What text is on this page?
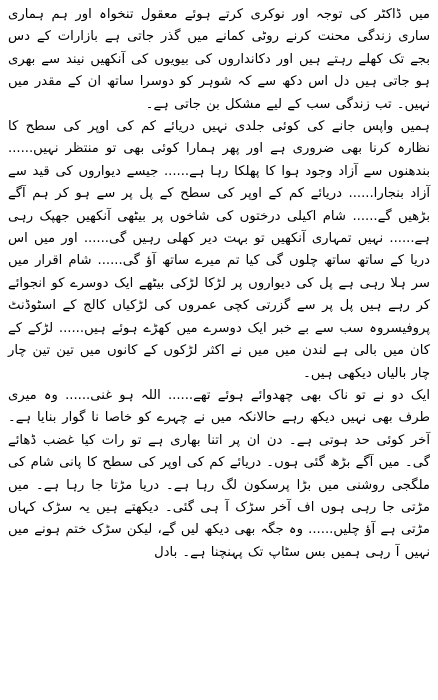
میں ڈاکٹر کی توجہ اور نوکری کرتے ہوئے معقول تنخواہ اور ہم ہماری ساری زندگی محنت کرنے روٹی کمانے میں گذر جاتی ہے بازارات کے دس بجے تک کھلے رہتے ہیں اور دکانداروں کی بیویوں کی آنکھیں نیند سے بھری ہو جاتی ہیں دل اس دکھ سے کہ شوہر کو دوسرا ساتھ ان کے مقدر میں نہیں۔ تب زندگی سب کے لیے مشکل بن جاتی ہے۔

ہمیں واپس جانے کی کوئی جلدی نہیں دریائے کم کی اوپر کی سطح کا نظارہ کرنا بھی ضروری ہے اور پھر ہمارا کوئی بھی تو منتظر نہیں...... بندھنوں سے آزاد وجود ہوا کا پھلکا رہا ہے...... جیسے دیواروں کی قید سے آزاد بنجارا...... دریائے کم کے اوپر کی سطح کے پل پر سے ہو کر ہم آگے بڑھیں گے...... شام اکیلی درختوں کی شاخوں پر بیٹھی آنکھیں جھپک رہی ہے...... نہیں تمہاری آنکھیں تو بہت دیر کھلی رہیں گی...... اور میں اس دریا کے ساتھ ساتھ چلوں گی کیا تم میرے ساتھ آؤ گی...... شام اقرار میں سر ہلا رہی ہے پل کی دیواروں پر لڑکا لڑکی بیٹھے ایک دوسرے کو انجوائے کر رہے ہیں پل پر سے گزرتی کچی عمروں کی لڑکیاں کالج کے اسٹوڈنٹ پروفیسروہ سب سے بے خبر ایک دوسرے میں کھڑے ہوئے ہیں...... لڑکے کے کان میں بالی ہے لندن میں میں نے اکثر لڑکوں کے کانوں میں تین تین چار چار بالیاں دیکھی ہیں۔

ایک دو نے تو ناک بھی چھدوائے ہوئے تھے...... اللہ ہو غنی...... وہ میری طرف بھی نہیں دیکھ رہے حالانکہ میں نے چہرے کو خاصا نا گوار بنایا ہے۔ آخر کوئی حد ہوتی ہے۔ دن ان پر اتنا بھاری ہے تو رات کیا غضب ڈھائے گی۔ میں آگے بڑھ گئی ہوں۔ دریائے کم کی اوپر کی سطح کا پانی شام کی ملگجی روشنی میں بڑا پرسکون لگ رہا ہے۔ دریا مڑتا جا رہا ہے۔ میں مڑتی جا رہی ہوں اف آخر سڑک آ ہی گئی۔ دیکھتے ہیں یہ سڑک کہاں مڑتی ہے آؤ چلیں...... وہ جگہ بھی دیکھ لیں گے، لیکن سڑک ختم ہونے میں نہیں آ رہی ہمیں بس سٹاپ تک پہنچنا ہے۔ بادل
